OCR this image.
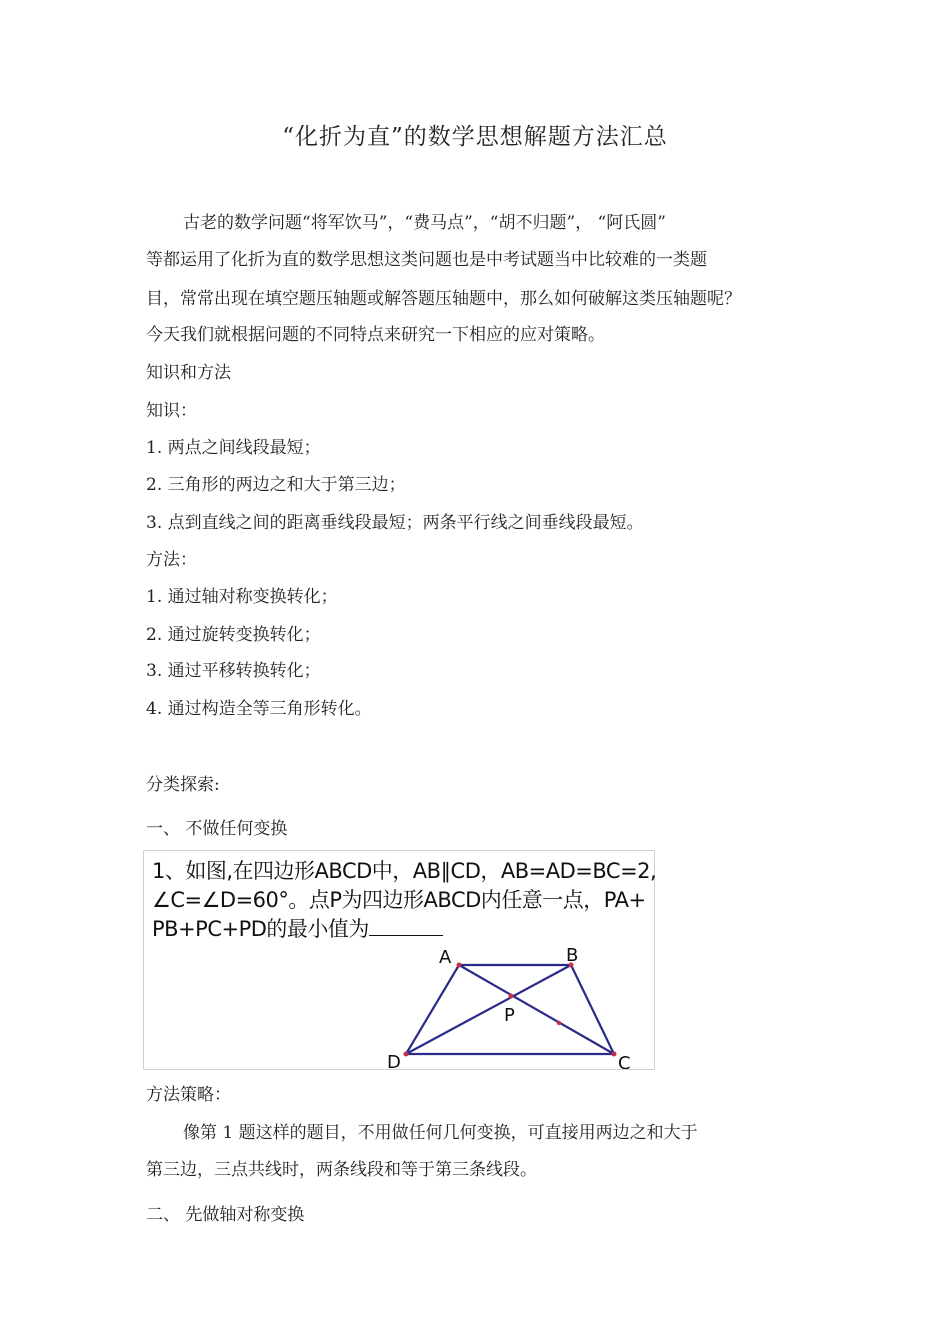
“化折为直”的数学思想解题方法汇总
古老的数学问题“将军饮马”，“费马点”，“胡不归题”， “阿氏圆”
等都运用了化折为直的数学思想这类问题也是中考试题当中比较难的一类题
目，常常出现在填空题压轴题或解答题压轴题中，那么如何破解这类压轴题呢？
今天我们就根据问题的不同特点来研究一下相应的应对策略。
知识和方法
知识：
1. 两点之间线段最短；
2. 三角形的两边之和大于第三边；
3. 点到直线之间的距离垂线段最短；两条平行线之间垂线段最短。
方法：
1. 通过轴对称变换转化；
2. 通过旋转变换转化；
3. 通过平移转换转化；
4. 通过构造全等三角形转化。
分类探索:
一、 不做任何变换
1、如图,在四边形ABCD中，AB∥CD，AB=AD=BC=2,
∠C=∠D=60°。点P为四边形ABCD内任意一点，PA+
PB+PC+PD的最小值为
A	B
C
D
P
方法策略：
像第 1 题这样的题目，不用做任何几何变换，可直接用两边之和大于
第三边，三点共线时，两条线段和等于第三条线段。
二、 先做轴对称变换
